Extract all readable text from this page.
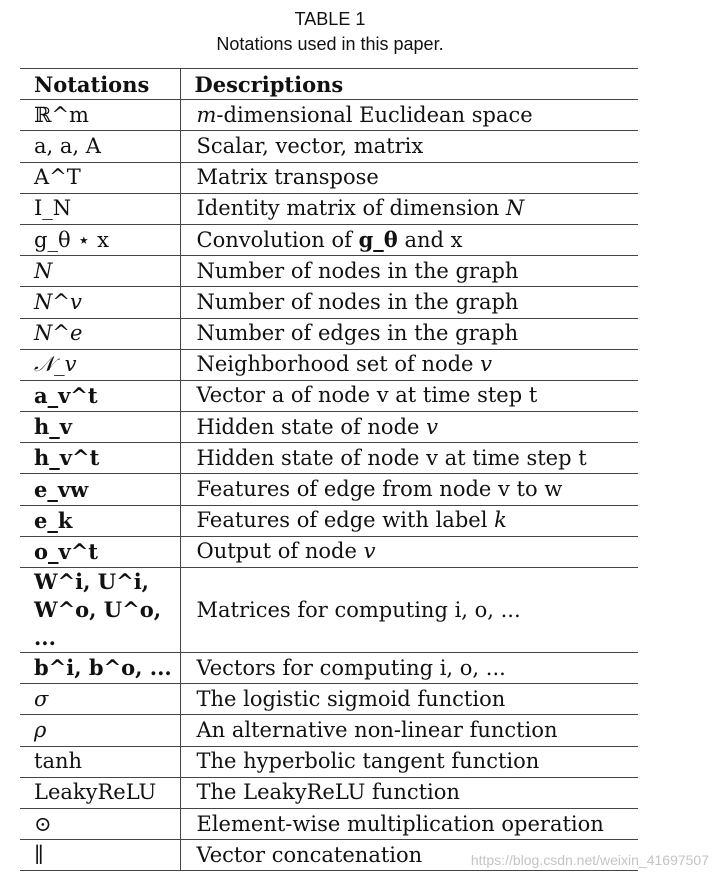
TABLE 1
Notations used in this paper.
Notations	Descriptions
ℝ^m	m-dimensional Euclidean space
a, a, A	Scalar, vector, matrix
A^T	Matrix transpose
I_N	Identity matrix of dimension N
g_θ ⋆ x	Convolution of g_θ and x
N	Number of nodes in the graph
N^v	Number of nodes in the graph
N^e	Number of edges in the graph
𝒩_v	Neighborhood set of node v
a_v^t	Vector a of node v at time step t
h_v	Hidden state of node v
h_v^t	Hidden state of node v at time step t
e_vw	Features of edge from node v to w
e_k	Features of edge with label k
o_v^t	Output of node v
W^i, U^i, W^o, U^o, ...	Matrices for computing i, o, ...
b^i, b^o, ...	Vectors for computing i, o, ...
σ	The logistic sigmoid function
ρ	An alternative non-linear function
tanh	The hyperbolic tangent function
LeakyReLU	The LeakyReLU function
⊙	Element-wise multiplication operation
∥	Vector concatenation	https://blog.csdn.net/weixin_41697507
